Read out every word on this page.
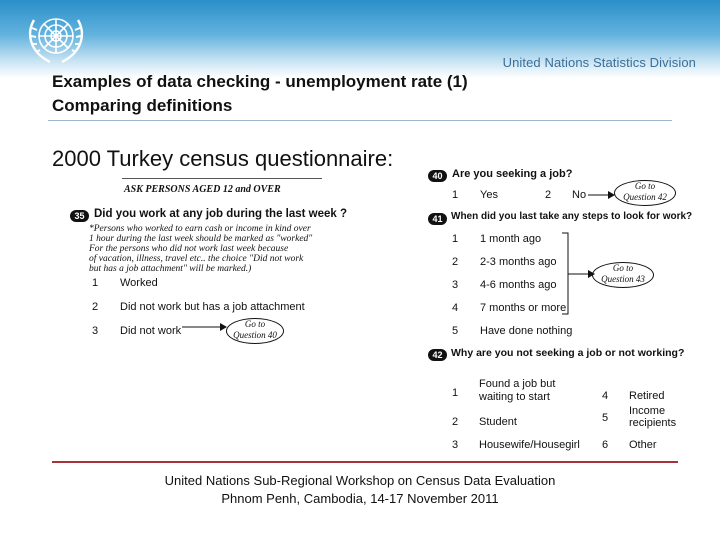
United Nations Statistics Division
Examples of data checking - unemployment rate (1)
Comparing definitions
2000 Turkey census questionnaire:
ASK PERSONS AGED 12 and OVER
35 Did you work at any job during the last week ?
*Persons who worked to earn cash or income in kind over
1 hour during the last week should be marked as "worked"
For the persons who did not work last week because
of vacation, illness, travel etc.. the choice "Did not work
but has a job attachment" will be marked.)
1 Worked
2 Did not work but has a job attachment
3 Did not work
Go to
Question 40
40 Are you seeking a job?
1 Yes	2 No
Go to
Question 42
41 When did you last take any steps to look for work?
1 1 month ago
2 2-3 months ago
3 4-6 months ago
4 7 months or more
5 Have done nothing
Go to
Question 43
42 Why are you not seeking a job or not working?
1
Found a job but
waiting to start
2 Student
3 Housewife/Housegirl
4 Retired
5
Income
recipients
6 Other
United Nations Sub-Regional Workshop on Census Data Evaluation
Phnom Penh, Cambodia, 14-17 November 2011
